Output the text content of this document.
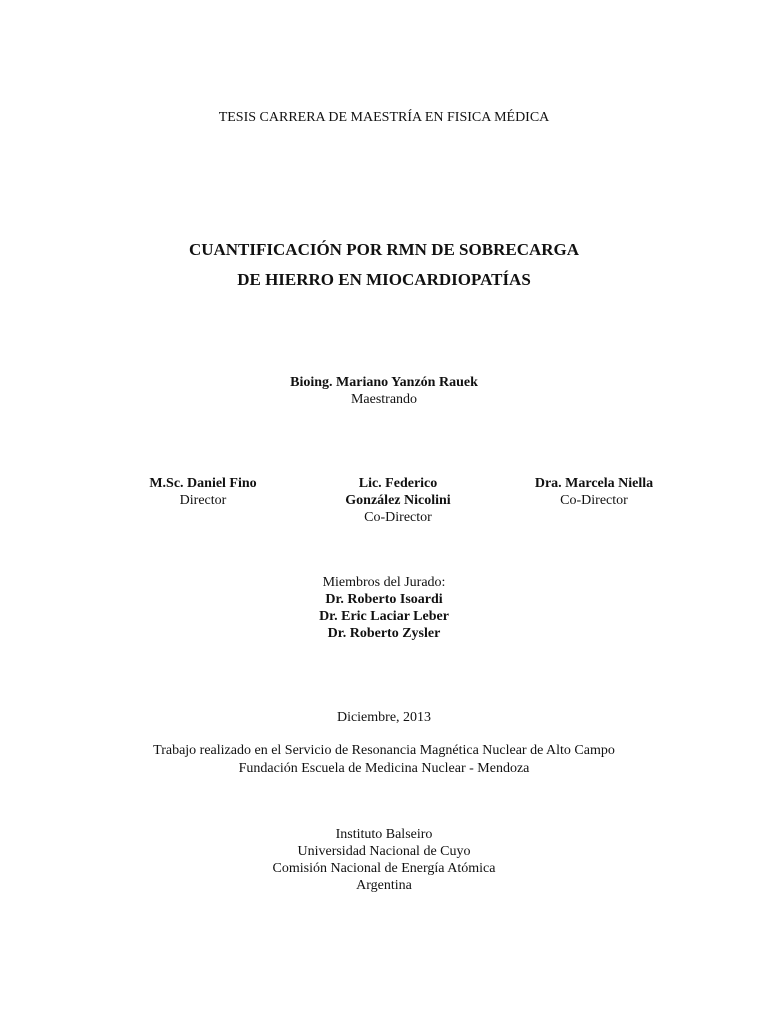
TESIS CARRERA DE MAESTRÍA EN FISICA MÉDICA
CUANTIFICACIÓN POR RMN DE SOBRECARGA
DE HIERRO EN MIOCARDIOPATÍAS
Bioing. Mariano Yanzón Rauek
Maestrando
M.Sc. Daniel Fino
Director
Lic. Federico
González Nicolini
Co-Director
Dra. Marcela Niella
Co-Director
Miembros del Jurado:
Dr. Roberto Isoardi
Dr. Eric Laciar Leber
Dr. Roberto Zysler
Diciembre, 2013
Trabajo realizado en el Servicio de Resonancia Magnética Nuclear de Alto Campo
Fundación Escuela de Medicina Nuclear - Mendoza
Instituto Balseiro
Universidad Nacional de Cuyo
Comisión Nacional de Energía Atómica
Argentina
